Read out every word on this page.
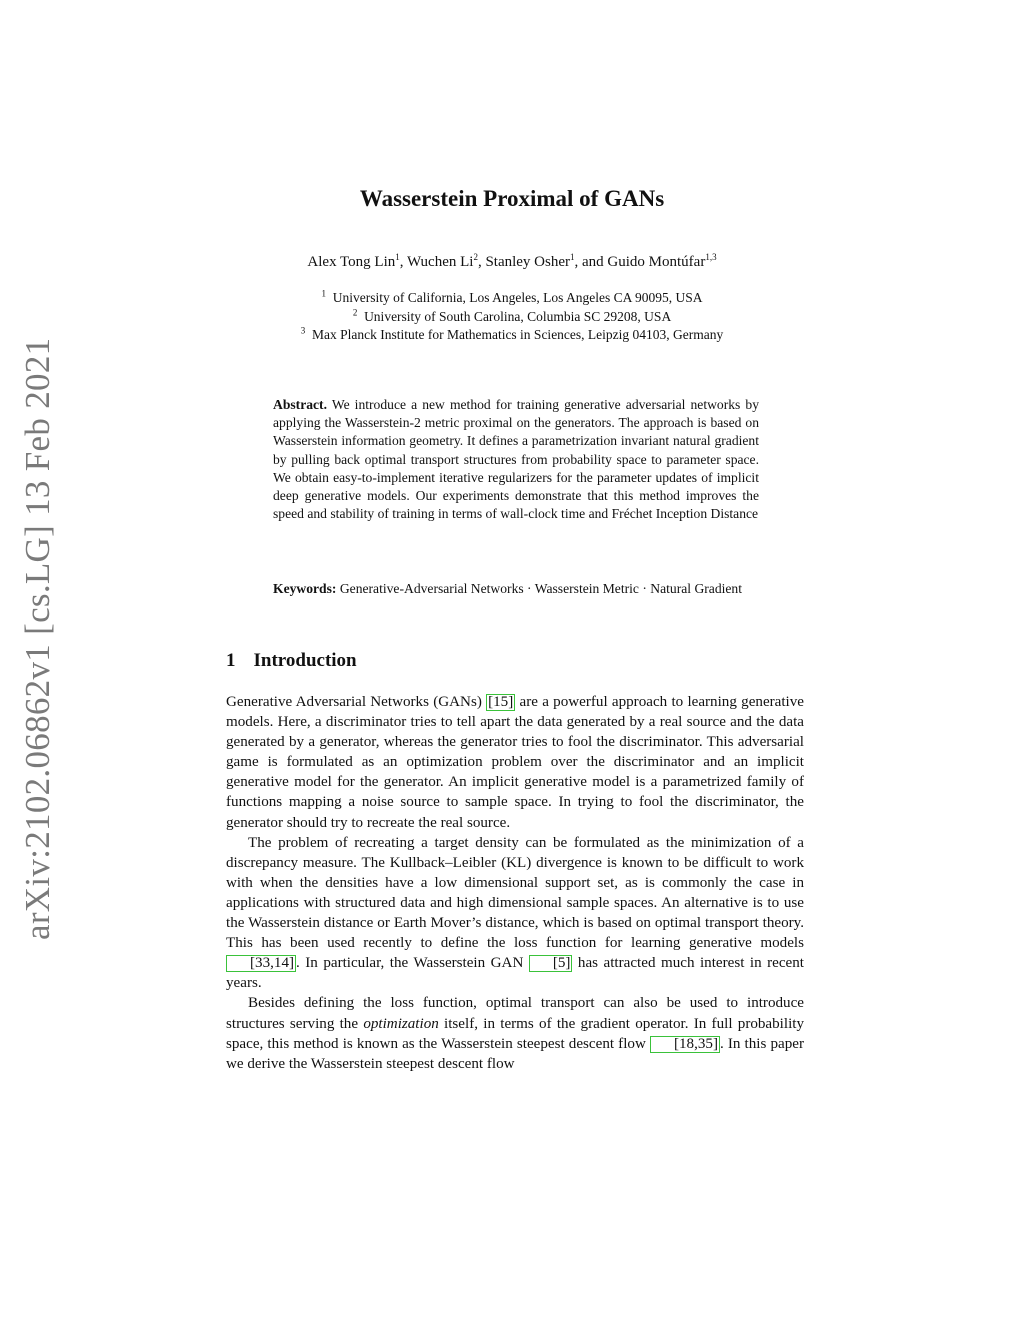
arXiv:2102.06862v1 [cs.LG] 13 Feb 2021
Wasserstein Proximal of GANs
Alex Tong Lin$^1$, Wuchen Li$^2$, Stanley Osher$^1$, and Guido Montúfar$^{1,3}$
$^1$ University of California, Los Angeles, Los Angeles CA 90095, USA
$^2$ University of South Carolina, Columbia SC 29208, USA
$^3$ Max Planck Institute for Mathematics in Sciences, Leipzig 04103, Germany
Abstract. We introduce a new method for training generative adversarial networks by applying the Wasserstein-2 metric proximal on the generators. The approach is based on Wasserstein information geometry. It defines a parametrization invariant natural gradient by pulling back optimal transport structures from probability space to parameter space. We obtain easy-to-implement iterative regularizers for the parameter updates of implicit deep generative models. Our experiments demonstrate that this method improves the speed and stability of training in terms of wall-clock time and Fréchet Inception Distance
Keywords: Generative-Adversarial Networks · Wasserstein Metric · Natural Gradient
1 Introduction

Generative Adversarial Networks (GANs) [15] are a powerful approach to learning generative models. Here, a discriminator tries to tell apart the data generated by a real source and the data generated by a generator, whereas the generator tries to fool the discriminator. This adversarial game is formulated as an optimization problem over the discriminator and an implicit generative model for the generator. An implicit generative model is a parametrized family of functions mapping a noise source to sample space. In trying to fool the discriminator, the generator should try to recreate the real source.

The problem of recreating a target density can be formulated as the minimization of a discrepancy measure. The Kullback–Leibler (KL) divergence is known to be difficult to work with when the densities have a low dimensional support set, as is commonly the case in applications with structured data and high dimensional sample spaces. An alternative is to use the Wasserstein distance or Earth Mover’s distance, which is based on optimal transport theory. This has been used recently to define the loss function for learning generative models [33,14] . In particular, the Wasserstein GAN [5] has attracted much interest in recent years.

Besides defining the loss function, optimal transport can also be used to introduce structures serving the optimization itself, in terms of the gradient operator. In full probability space, this method is known as the Wasserstein steepest descent flow [18,35] . In this paper we derive the Wasserstein steepest descent flow
